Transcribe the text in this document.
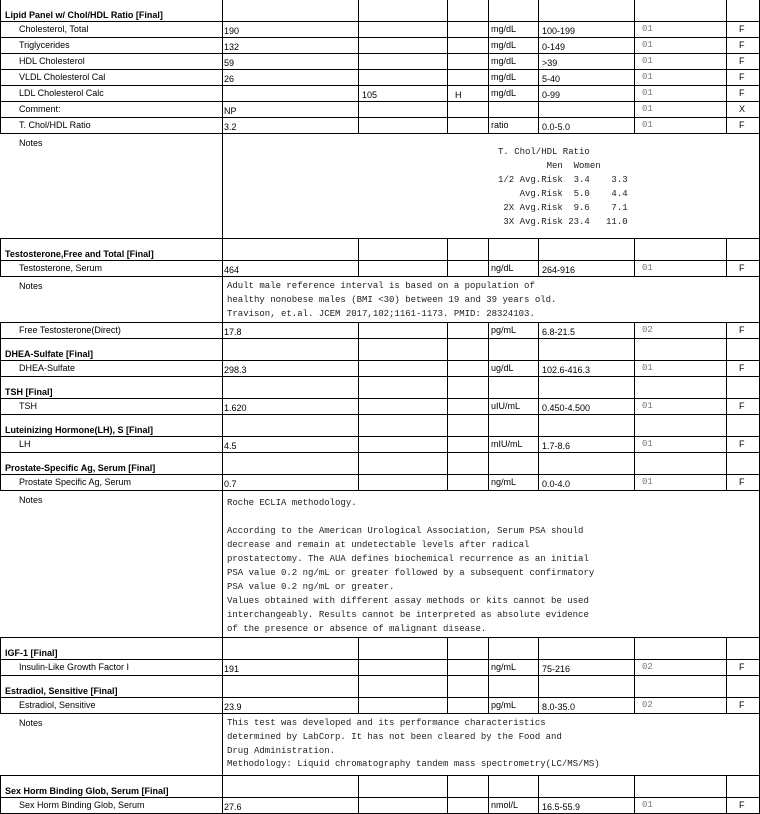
Lipid Panel w/ Chol/HDL Ratio [Final]
Cholesterol, Total	190	mg/dL	100-199	01	F
Triglycerides	132	mg/dL	0-149	01	F
HDL Cholesterol	59	mg/dL	>39	01	F
VLDL Cholesterol Cal	26	mg/dL	5-40	01	F
LDL Cholesterol Calc	105	H	mg/dL	0-99	01	F
Comment:	NP	01	X
T. Chol/HDL Ratio	3.2	ratio	0.0-5.0	01	F
Notes
T. Chol/HDL Ratio
Men  Women
1/2 Avg.Risk  3.4    3.3
Avg.Risk  5.0    4.4
2X Avg.Risk  9.6    7.1
3X Avg.Risk 23.4   11.0
Testosterone,Free and Total [Final]
Testosterone, Serum	464	ng/dL	264-916	01	F
Notes	Adult male reference interval is based on a population of
healthy nonobese males (BMI <30) between 19 and 39 years old.
Travison, et.al. JCEM 2017,102;1161-1173. PMID: 28324103.
Free Testosterone(Direct)	17.8	pg/mL	6.8-21.5	02	F
DHEA-Sulfate [Final]
DHEA-Sulfate	298.3	ug/dL	102.6-416.3	01	F
TSH [Final]
TSH	1.620	uIU/mL 0.450-4.500	01	F
Luteinizing Hormone(LH), S [Final]
LH	4.5	mIU/mL 1.7-8.6	01	F
Prostate-Specific Ag, Serum [Final]
Prostate Specific Ag, Serum	0.7	ng/mL	0.0-4.0	01	F
Notes	Roche ECLIA methodology.

According to the American Urological Association, Serum PSA should
decrease and remain at undetectable levels after radical
prostatectomy. The AUA defines biochemical recurrence as an initial
PSA value 0.2 ng/mL or greater followed by a subsequent confirmatory
PSA value 0.2 ng/mL or greater.
Values obtained with different assay methods or kits cannot be used
interchangeably. Results cannot be interpreted as absolute evidence
of the presence or absence of malignant disease.
IGF-1 [Final]
Insulin-Like Growth Factor I	191	ng/mL	75-216	02	F
Estradiol, Sensitive [Final]
Estradiol, Sensitive	23.9	pg/mL	8.0-35.0	02	F
Notes	This test was developed and its performance characteristics
determined by LabCorp. It has not been cleared by the Food and
Drug Administration.
Methodology: Liquid chromatography tandem mass spectrometry(LC/MS/MS)
Sex Horm Binding Glob, Serum [Final]
Sex Horm Binding Glob, Serum	27.6	nmol/L	16.5-55.9	01	F
